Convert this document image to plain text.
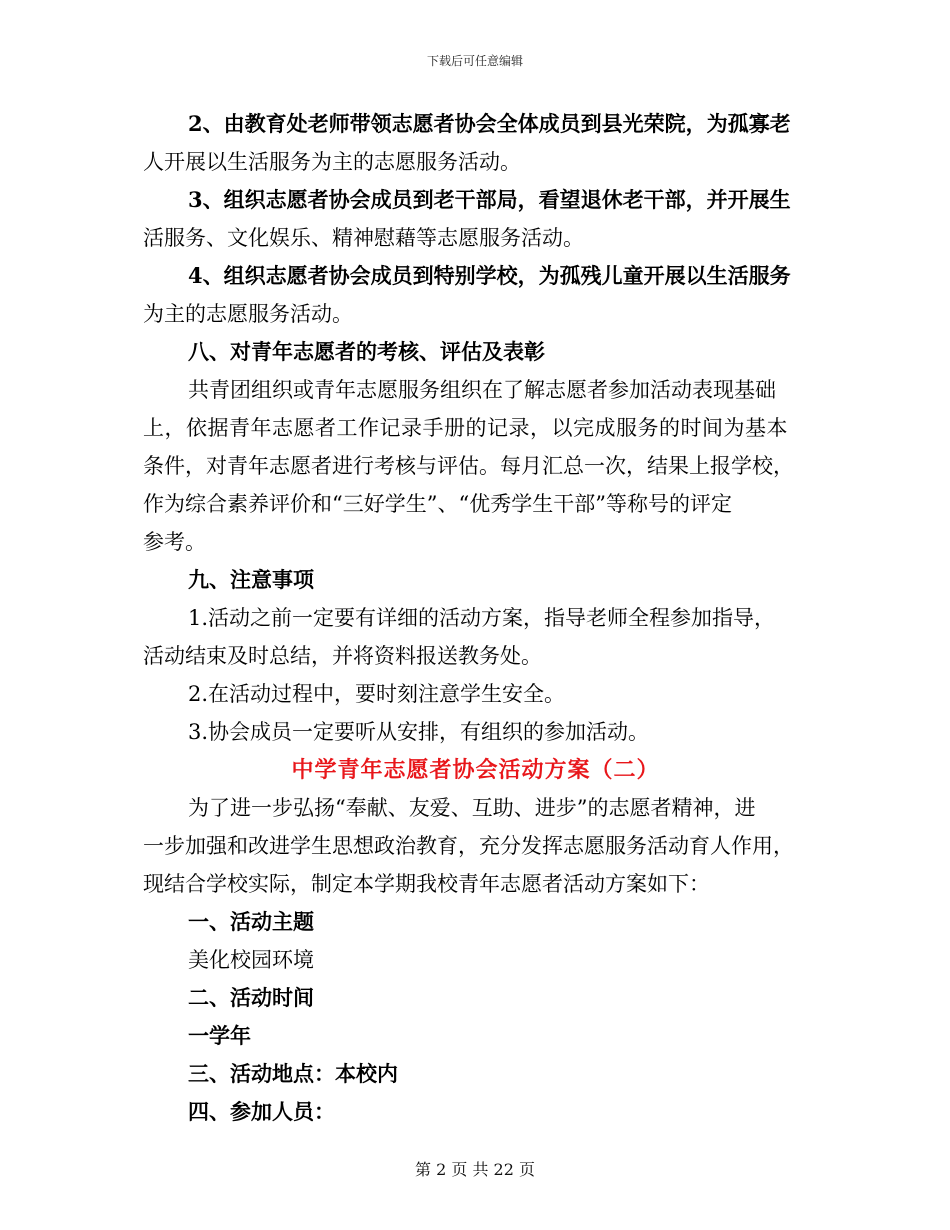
下载后可任意编辑
2、由教育处老师带领志愿者协会全体成员到县光荣院，为孤寡老
人开展以生活服务为主的志愿服务活动。
3、组织志愿者协会成员到老干部局，看望退休老干部，并开展生
活服务、文化娱乐、精神慰藉等志愿服务活动。
4、组织志愿者协会成员到特别学校，为孤残儿童开展以生活服务
为主的志愿服务活动。
八、对青年志愿者的考核、评估及表彰
共青团组织或青年志愿服务组织在了解志愿者参加活动表现基础
上，依据青年志愿者工作记录手册的记录，以完成服务的时间为基本
条件，对青年志愿者进行考核与评估。每月汇总一次，结果上报学校，
作为综合素养评价和“三好学生”、“优秀学生干部”等称号的评定
参考。
九、注意事项
1.活动之前一定要有详细的活动方案，指导老师全程参加指导，
活动结束及时总结，并将资料报送教务处。
2.在活动过程中，要时刻注意学生安全。
3.协会成员一定要听从安排，有组织的参加活动。
中学青年志愿者协会活动方案（二）
为了进一步弘扬“奉献、友爱、互助、进步”的志愿者精神，进
一步加强和改进学生思想政治教育，充分发挥志愿服务活动育人作用，
现结合学校实际，制定本学期我校青年志愿者活动方案如下：
一、活动主题
美化校园环境
二、活动时间
一学年
三、活动地点：本校内
四、参加人员：
第 2 页 共 22 页
